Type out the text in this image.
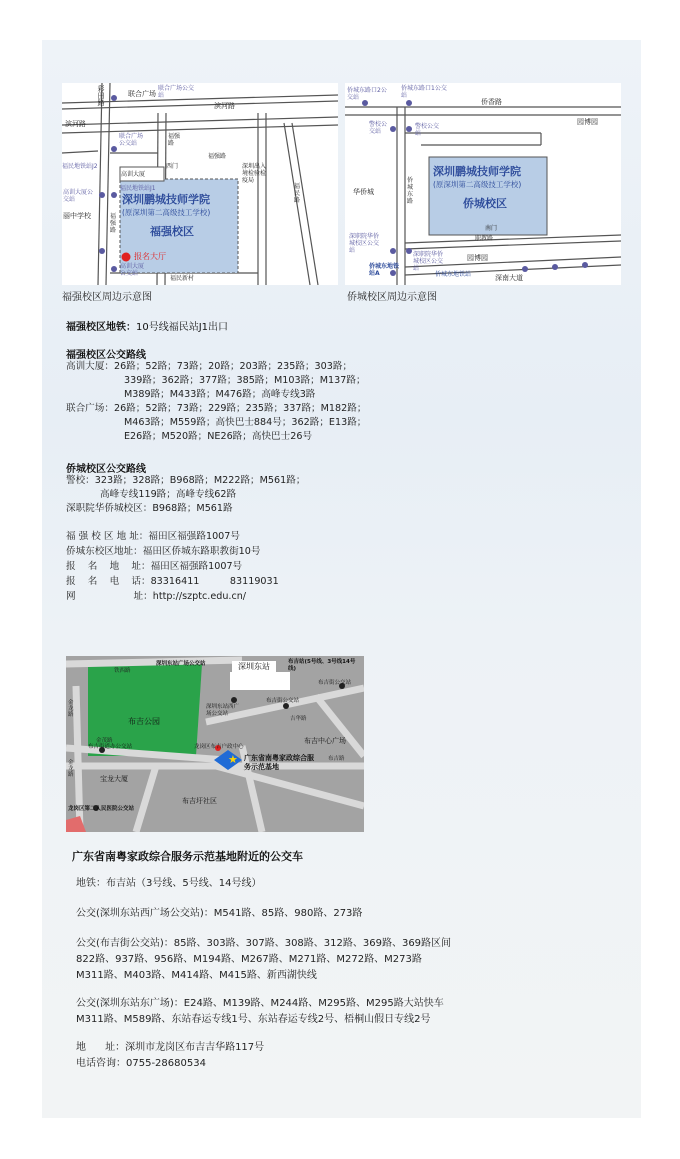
彩田路	联合广场
联合广场公交站
滨河路
滨河路
联合广场公交站
福强路
福强路
福民地铁站J2
高训大厦
西门
福民地铁站J1
高训大厦公交站
丽中学校	福强路
深圳出入境检验检疫局
福民路
深圳鹏城技师学院
(原深圳第二高级技工学校)
福强校区
报名大厅
高训大厦公交站
福民新村
福强校区周边示意图
侨城东路口2公交站
侨城东路口1公交站
侨香路
园博园
警校公交站
警校公交站
华侨城
侨城东路
深圳鹏城技师学院
(原深圳第二高级技工学校)
侨城校区
南门
深职院华侨城校区公交站
职教路
深职院华侨城校区公交站
园博园
侨城东地铁站A	侨城东地铁站	深南大道
侨城校区周边示意图
福强校区地铁：10号线福民站J1出口
福强校区公交路线
高训大厦：26路；52路；73路；20路；203路；235路；303路；
339路；362路；377路；385路；M103路；M137路；
M389路；M433路；M476路；高峰专线3路
联合广场：26路；52路；73路；229路；235路；337路；M182路；
M463路；M559路；高快巴士884号；362路；E13路；
E26路；M520路；NE26路；高快巴士26号
侨城校区公交路线
警校：323路；328路；B968路；M222路；M561路；
高峰专线119路；高峰专线62路
深职院华侨城校区：B968路；M561路
福 强 校 区 地 址：福田区福强路1007号
侨城东校区地址：福田区侨城东路职教街10号
报    名    地    址：福田区福强路1007号
报    名    电    话：83316411          83119031
网                   址：http://szptc.edu.cn/
深圳东站广场公交站	深圳东站	布吉站(5号线、3号线14号线)
铁西路
布吉公园
深圳东站西广场公交站
布吉街公交站
布吉街公交站
吉华路
布吉中心广场
金龙路
金茂路
布吉街道办公交站	龙岗区布吉户政中心
广东省南粤家政综合服务示范基地
★
宝龙大厦
布吉路
布吉圩社区
龙岗区第二人民医院公交站
金龙路
广东省南粤家政综合服务示范基地附近的公交车
地铁：布吉站（3号线、5号线、14号线）
公交(深圳东站西广场公交站)：M541路、85路、980路、273路
公交(布吉街公交站)：85路、303路、307路、308路、312路、369路、369路区间
822路、937路、956路、M194路、M267路、M271路、M272路、M273路
M311路、M403路、M414路、M415路、新西湖快线
公交(深圳东站东广场)：E24路、M139路、M244路、M295路、M295路大站快车
M311路、M589路、东站春运专线1号、东站春运专线2号、梧桐山假日专线2号
地      址：深圳市龙岗区布吉吉华路117号
电话咨询：0755-28680534
